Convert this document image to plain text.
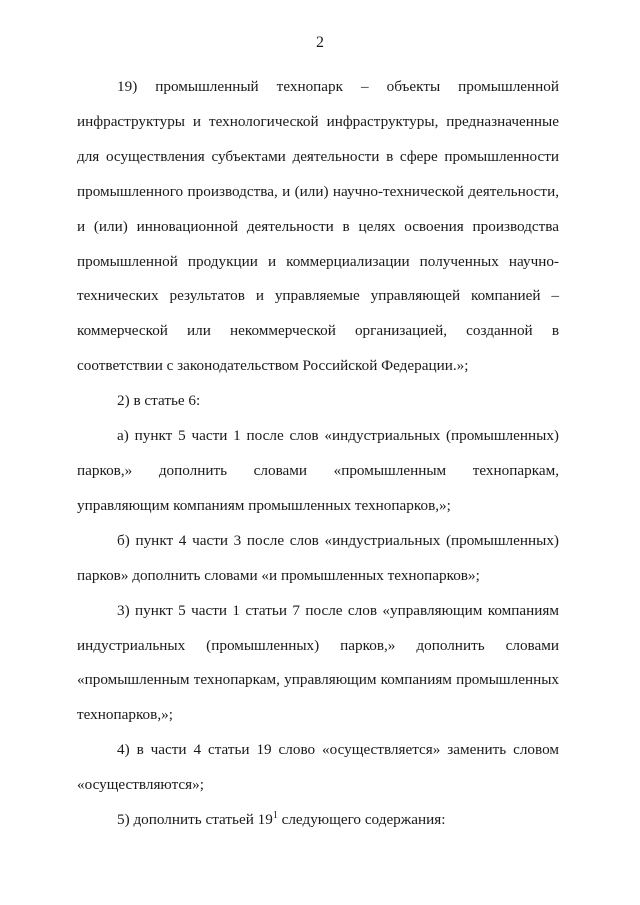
2

19) промышленный технопарк – объекты промышленной инфраструктуры и технологической инфраструктуры, предназначенные для осуществления субъектами деятельности в сфере промышленности промышленного производства, и (или) научно-технической деятельности, и (или) инновационной деятельности в целях освоения производства промышленной продукции и коммерциализации полученных научно-технических результатов и управляемые управляющей компанией – коммерческой или некоммерческой организацией, созданной в соответствии с законодательством Российской Федерации.»;

2) в статье 6:

а) пункт 5 части 1 после слов «индустриальных (промышленных) парков,» дополнить словами «промышленным технопаркам, управляющим компаниям промышленных технопарков,»;

б) пункт 4 части 3 после слов «индустриальных (промышленных) парков» дополнить словами «и промышленных технопарков»;

3) пункт 5 части 1 статьи 7 после слов «управляющим компаниям индустриальных (промышленных) парков,» дополнить словами «промышленным технопаркам, управляющим компаниям промышленных технопарков,»;

4) в части 4 статьи 19 слово «осуществляется» заменить словом «осуществляются»;

5) дополнить статьей $19^1$ следующего содержания:
